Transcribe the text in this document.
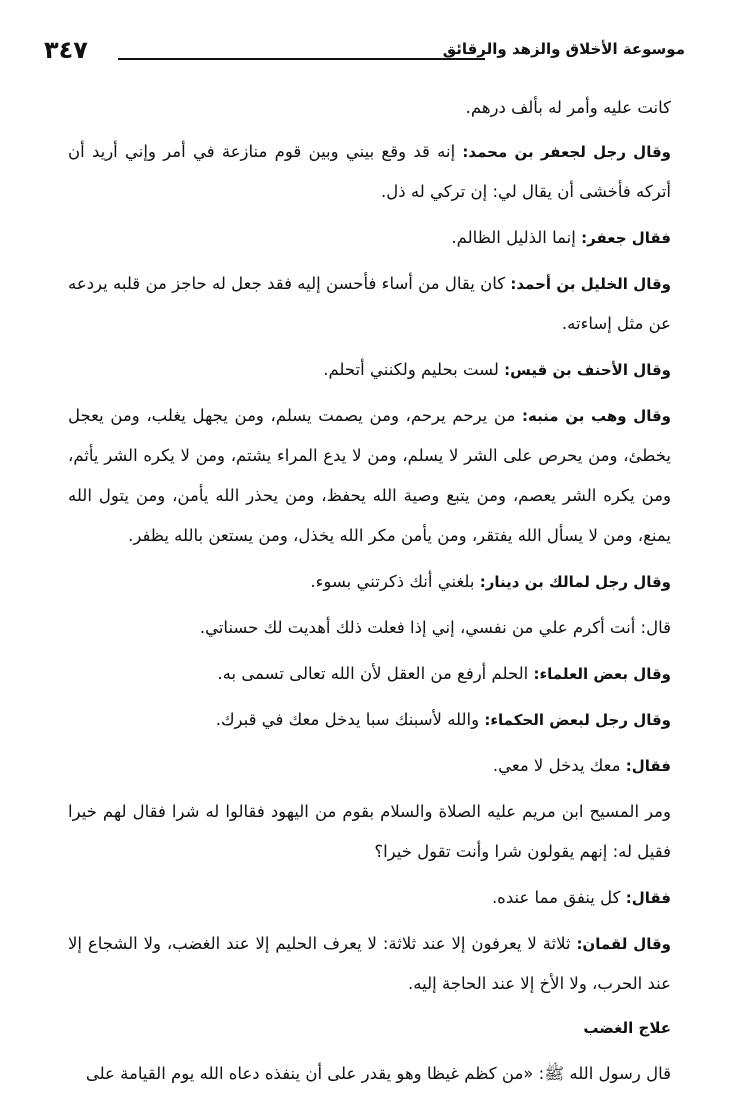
موسوعة الأخلاق والزهد والرقائق
٣٤٧

كانت عليه وأمر له بألف درهم.

وقال رجل لجعفر بن محمد: إنه قد وقع بيني وبين قوم منازعة في أمر وإني أريد أن أتركه فأخشى أن يقال لي: إن تركي له ذل.

فقال جعفر: إنما الذليل الظالم.

وقال الخليل بن أحمد: كان يقال من أساء فأحسن إليه فقد جعل له حاجز من قلبه يردعه عن مثل إساءته.

وقال الأحنف بن قيس: لست بحليم ولكنني أتحلم.

وقال وهب بن منبه: من يرحم يرحم، ومن يصمت يسلم، ومن يجهل يغلب، ومن يعجل يخطئ، ومن يحرص على الشر لا يسلم، ومن لا يدع المراء يشتم، ومن لا يكره الشر يأثم، ومن يكره الشر يعصم، ومن يتبع وصية الله يحفظ، ومن يحذر الله يأمن، ومن يتول الله يمنع، ومن لا يسأل الله يفتقر، ومن يأمن مكر الله يخذل، ومن يستعن بالله يظفر.

وقال رجل لمالك بن دينار: بلغني أنك ذكرتني بسوء.

قال: أنت أكرم علي من نفسي، إني إذا فعلت ذلك أهديت لك حسناتي.

وقال بعض العلماء: الحلم أرفع من العقل لأن الله تعالى تسمى به.

وقال رجل لبعض الحكماء: والله لأسبنك سبا يدخل معك في قبرك.

فقال: معك يدخل لا معي.

ومر المسيح ابن مريم عليه الصلاة والسلام بقوم من اليهود فقالوا له شرا فقال لهم خيرا فقيل له: إنهم يقولون شرا وأنت تقول خيرا؟

فقال: كل ينفق مما عنده.

وقال لقمان: ثلاثة لا يعرفون إلا عند ثلاثة: لا يعرف الحليم إلا عند الغضب، ولا الشجاع إلا عند الحرب، ولا الأخ إلا عند الحاجة إليه.

علاج الغضب

قال رسول الله ﷺ: «من كظم غيظا وهو يقدر على أن ينفذه دعاه الله يوم القيامة على
